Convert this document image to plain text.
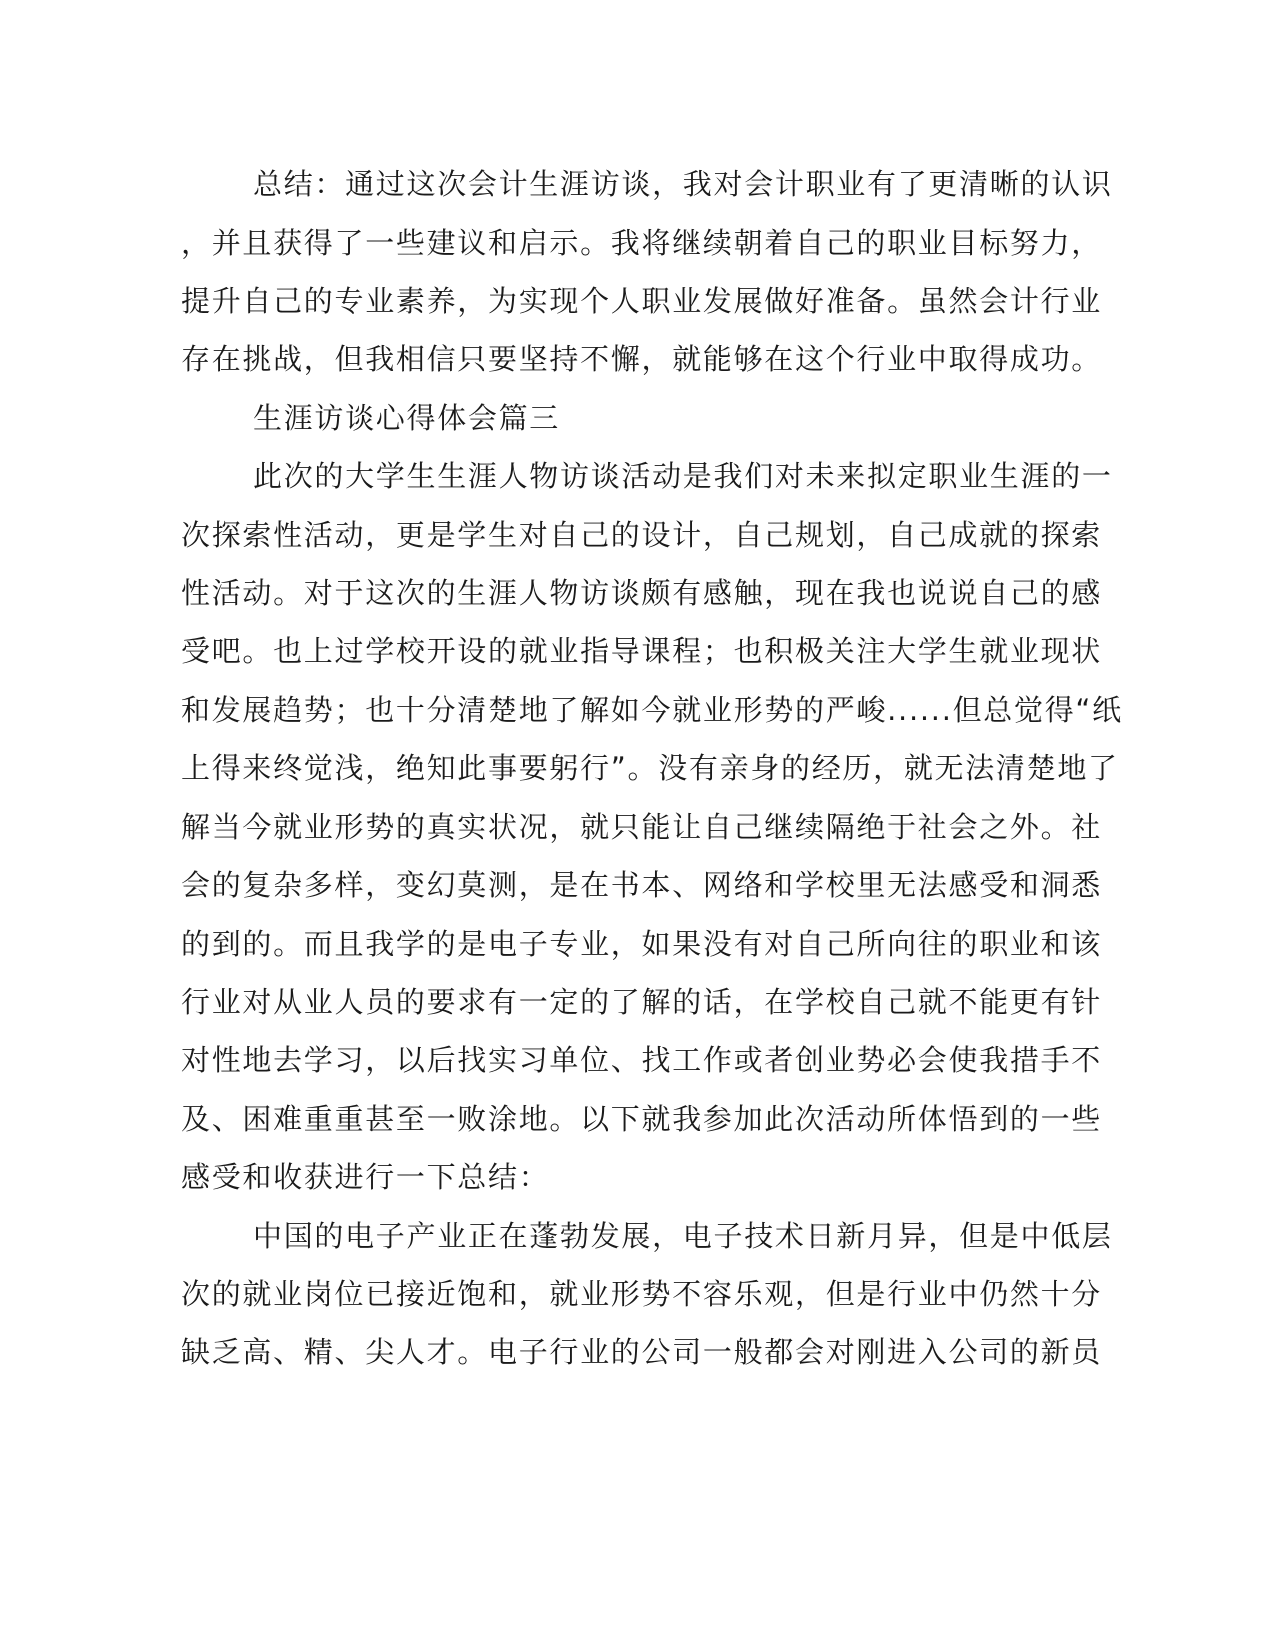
总结：通过这次会计生涯访谈，我对会计职业有了更清晰的认识
，并且获得了一些建议和启示。我将继续朝着自己的职业目标努力，
提升自己的专业素养，为实现个人职业发展做好准备。虽然会计行业
存在挑战，但我相信只要坚持不懈，就能够在这个行业中取得成功。
生涯访谈心得体会篇三
此次的大学生生涯人物访谈活动是我们对未来拟定职业生涯的一
次探索性活动，更是学生对自己的设计，自己规划，自己成就的探索
性活动。对于这次的生涯人物访谈颇有感触，现在我也说说自己的感
受吧。也上过学校开设的就业指导课程；也积极关注大学生就业现状
和发展趋势；也十分清楚地了解如今就业形势的严峻......但总觉得“纸
上得来终觉浅，绝知此事要躬行”。没有亲身的经历，就无法清楚地了
解当今就业形势的真实状况，就只能让自己继续隔绝于社会之外。社
会的复杂多样，变幻莫测，是在书本、网络和学校里无法感受和洞悉
的到的。而且我学的是电子专业，如果没有对自己所向往的职业和该
行业对从业人员的要求有一定的了解的话，在学校自己就不能更有针
对性地去学习，以后找实习单位、找工作或者创业势必会使我措手不
及、困难重重甚至一败涂地。以下就我参加此次活动所体悟到的一些
感受和收获进行一下总结：
中国的电子产业正在蓬勃发展，电子技术日新月异，但是中低层
次的就业岗位已接近饱和，就业形势不容乐观，但是行业中仍然十分
缺乏高、精、尖人才。电子行业的公司一般都会对刚进入公司的新员
